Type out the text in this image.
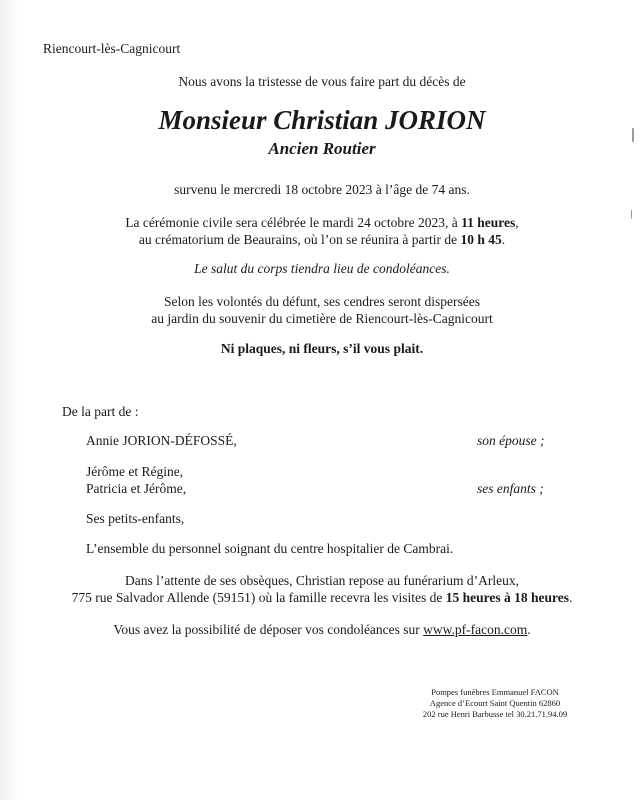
Riencourt-lès-Cagnicourt
Nous avons la tristesse de vous faire part du décès de
Monsieur Christian JORION
Ancien Routier
survenu le mercredi 18 octobre 2023 à l’âge de 74 ans.
La cérémonie civile sera célébrée le mardi 24 octobre 2023, à 11 heures,
au crématorium de Beaurains, où l’on se réunira à partir de 10 h 45.
Le salut du corps tiendra lieu de condoléances.
Selon les volontés du défunt, ses cendres seront dispersées
au jardin du souvenir du cimetière de Riencourt-lès-Cagnicourt
Ni plaques, ni fleurs, s’il vous plait.
De la part de :
Annie JORION-DÉFOSSÉ,	son épouse ;
Jérôme et Régine,
Patricia et Jérôme,	ses enfants ;
Ses petits-enfants,
L’ensemble du personnel soignant du centre hospitalier de Cambrai.
Dans l’attente de ses obsèques, Christian repose au funérarium d’Arleux,
775 rue Salvador Allende (59151) où la famille recevra les visites de 15 heures à 18 heures.
Vous avez la possibilité de déposer vos condoléances sur www.pf-facon.com.
Pompes funèbres Emmanuel FACON
Agence d’Ecourt Saint Quentin 62860
202 rue Henri Barbusse tel 30.21.71.94.09
